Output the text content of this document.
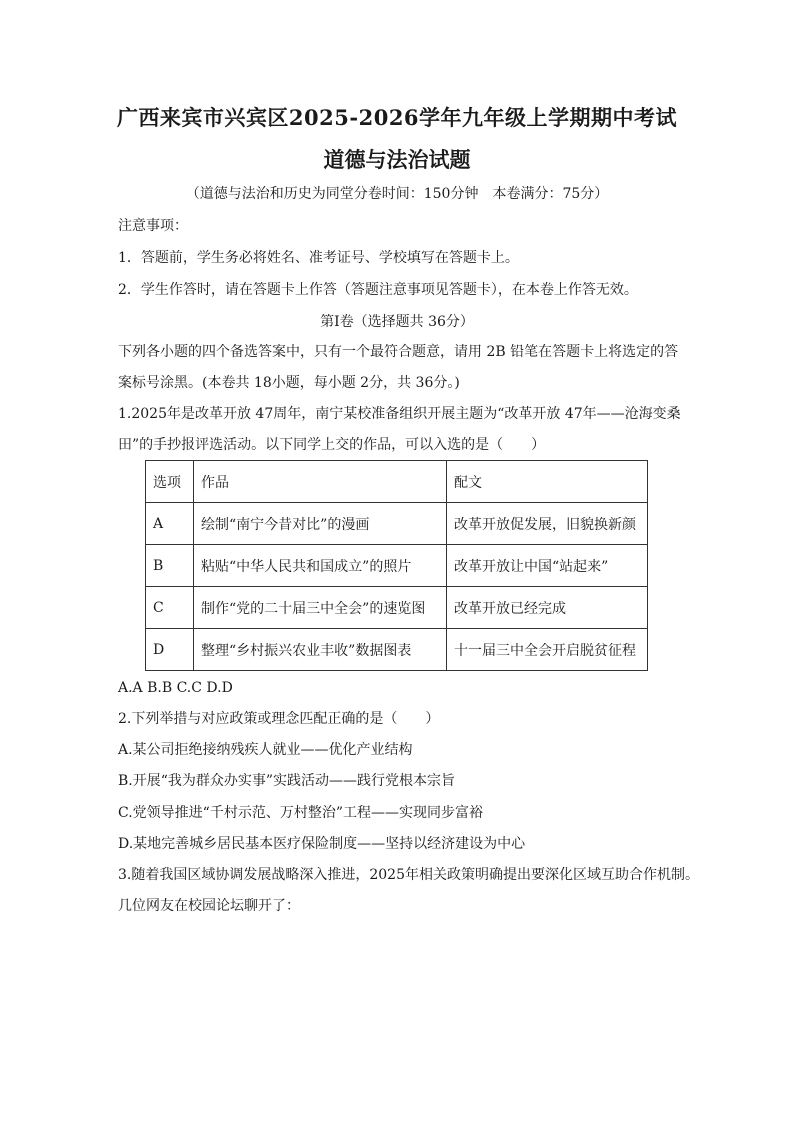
广西来宾市兴宾区2025-2026学年九年级上学期期中考试
道德与法治试题
（道德与法治和历史为同堂分卷时间：150分钟　本卷满分：75分）
注意事项：
1．答题前，学生务必将姓名、准考证号、学校填写在答题卡上。
2．学生作答时，请在答题卡上作答（答题注意事项见答题卡），在本卷上作答无效。
第Ⅰ卷（选择题共 36分）
下列各小题的四个备选答案中，只有一个最符合题意，请用 2B 铅笔在答题卡上将选定的答
案标号涂黑。(本卷共 18小题，每小题 2分，共 36分。)
1.2025年是改革开放 47周年，南宁某校准备组织开展主题为“改革开放 47年——沧海变桑
田”的手抄报评选活动。以下同学上交的作品，可以入选的是（　　）
选项	作品	配文
A	绘制“南宁今昔对比”的漫画	改革开放促发展，旧貌换新颜
B	粘贴“中华人民共和国成立”的照片	改革开放让中国“站起来”
C	制作“党的二十届三中全会”的速览图	改革开放已经完成
D	整理“乡村振兴农业丰收”数据图表	十一届三中全会开启脱贫征程
A.A B.B C.C D.D
2.下列举措与对应政策或理念匹配正确的是（　　）
A.某公司拒绝接纳残疾人就业——优化产业结构
B.开展“我为群众办实事”实践活动——践行党根本宗旨
C.党领导推进“千村示范、万村整治”工程——实现同步富裕
D.某地完善城乡居民基本医疗保险制度——坚持以经济建设为中心
3.随着我国区域协调发展战略深入推进，2025年相关政策明确提出要深化区域互助合作机制。
几位网友在校园论坛聊开了：
